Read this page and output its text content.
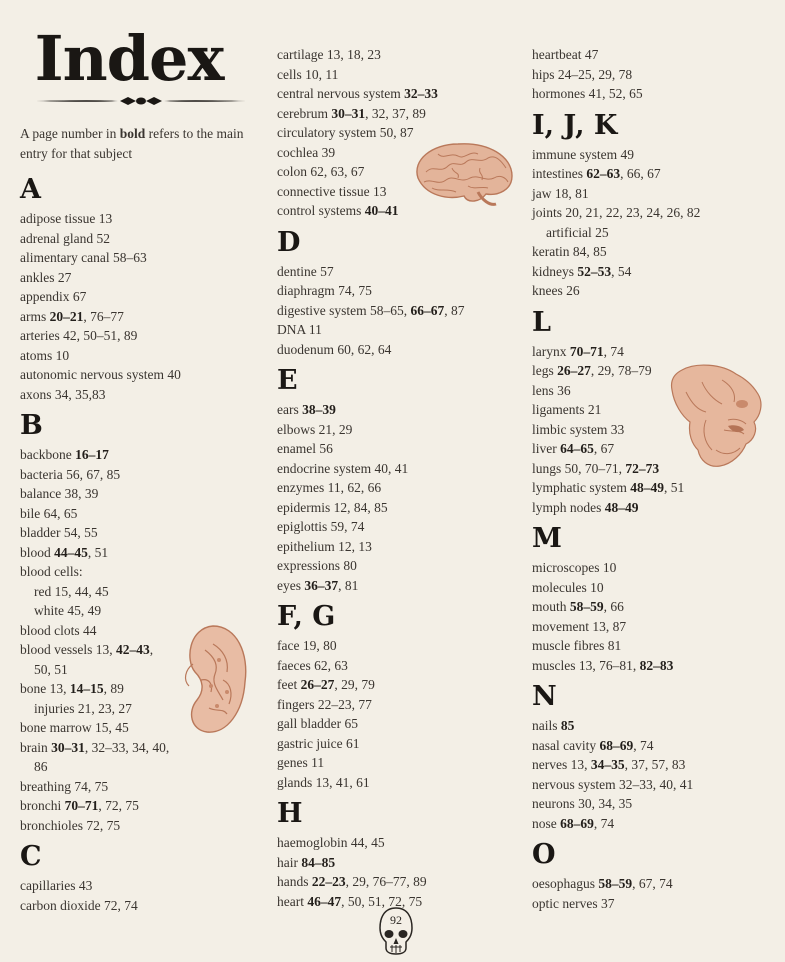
Index
A page number in bold refers to the main entry for that subject
A
adipose tissue 13
adrenal gland 52
alimentary canal 58–63
ankles 27
appendix 67
arms 20–21, 76–77
arteries 42, 50–51, 89
atoms 10
autonomic nervous system 40
axons 34, 35,83
B
backbone 16–17
bacteria 56, 67, 85
balance 38, 39
bile 64, 65
bladder 54, 55
blood 44–45, 51
blood cells:
red 15, 44, 45
white 45, 49
blood clots 44
blood vessels 13, 42–43,
50, 51
bone 13, 14–15, 89
injuries 21, 23, 27
bone marrow 15, 45
brain 30–31, 32–33, 34, 40,
86
breathing 74, 75
bronchi 70–71, 72, 75
bronchioles 72, 75
C
capillaries 43
carbon dioxide 72, 74
cartilage 13, 18, 23
cells 10, 11
central nervous system 32–33
cerebrum 30–31, 32, 37, 89
circulatory system 50, 87
cochlea 39
colon 62, 63, 67
connective tissue 13
control systems 40–41
D
dentine 57
diaphragm 74, 75
digestive system 58–65, 66–67, 87
DNA 11
duodenum 60, 62, 64
E
ears 38–39
elbows 21, 29
enamel 56
endocrine system 40, 41
enzymes 11, 62, 66
epidermis 12, 84, 85
epiglottis 59, 74
epithelium 12, 13
expressions 80
eyes 36–37, 81
F, G
face 19, 80
faeces 62, 63
feet 26–27, 29, 79
fingers 22–23, 77
gall bladder 65
gastric juice 61
genes 11
glands 13, 41, 61
H
haemoglobin 44, 45
hair 84–85
hands 22–23, 29, 76–77, 89
heart 46–47, 50, 51, 72, 75
heartbeat 47
hips 24–25, 29, 78
hormones 41, 52, 65
I, J, K
immune system 49
intestines 62–63, 66, 67
jaw 18, 81
joints 20, 21, 22, 23, 24, 26, 82
artificial 25
keratin 84, 85
kidneys 52–53, 54
knees 26
L
larynx 70–71, 74
legs 26–27, 29, 78–79
lens 36
ligaments 21
limbic system 33
liver 64–65, 67
lungs 50, 70–71, 72–73
lymphatic system 48–49, 51
lymph nodes 48–49
M
microscopes 10
molecules 10
mouth 58–59, 66
movement 13, 87
muscle fibres 81
muscles 13, 76–81, 82–83
N
nails 85
nasal cavity 68–69, 74
nerves 13, 34–35, 37, 57, 83
nervous system 32–33, 40, 41
neurons 30, 34, 35
nose 68–69, 74
O
oesophagus 58–59, 67, 74
optic nerves 37
92
